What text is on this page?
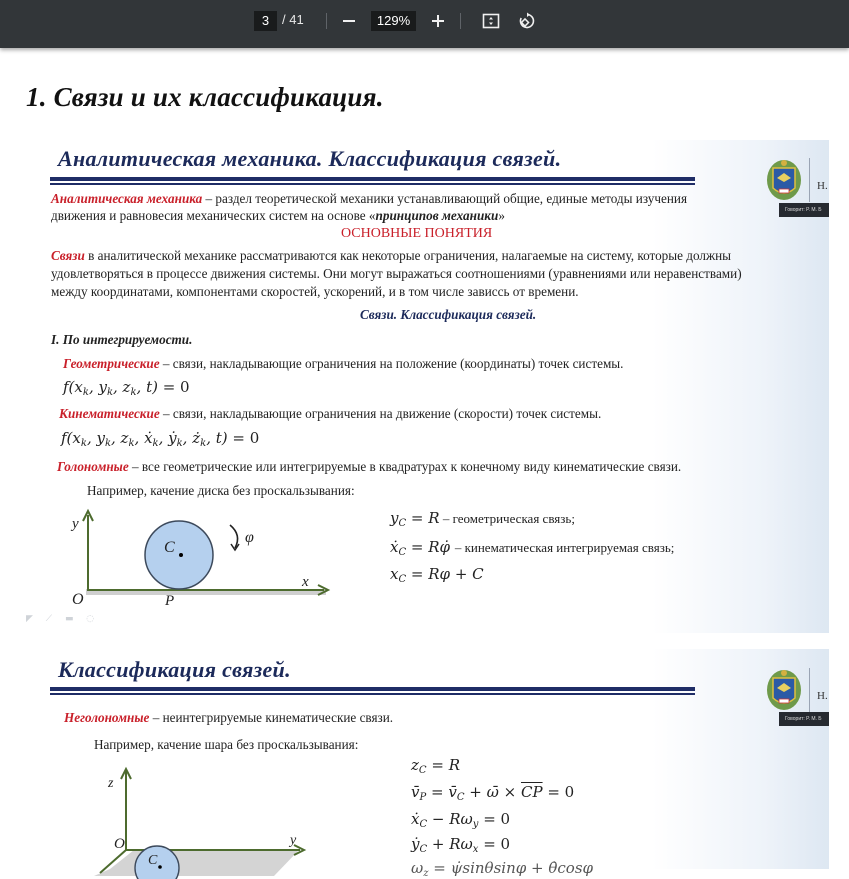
3 / 41	129%
1. Связи и их классификация.
Аналитическая механика. Классификация связей.
Н.
Говорит: Р. М. Б
Аналитическая механика – раздел теоретической механики устанавливающий общие, единые методы изучения
движения и равновесия механических систем на основе «принципов механики»
ОСНОВНЫЕ ПОНЯТИЯ
Связи в аналитической механике рассматриваются как некоторые ограничения, налагаемые на систему, которые должны
удовлетворяться в процессе движения системы. Они могут выражаться соотношениями (уравнениями или неравенствами)
между координатами, компонентами скоростей, ускорений, и в том числе зависсь от времени.
Связи. Классификация связей.
I. По интегрируемости.
Геометрические – связи, накладывающие ограничения на положение (координаты) точек системы.
$f(x_k$, $y_k$, $z_k$, t) = 0
Кинематические – связи, накладывающие ограничения на движение (скорости) точек системы.
$f(x_k$, $y_k$, $z_k$, ẋ$_k$, ẏ$_k$, $ż_k$, t) = 0
Голономные – все геометрические или интегрируемые в квадратурах к конечному виду кинематические связи.
Например, качение диска без проскальзывания:
y
x
O	P
C
φ
$y_C = R$ – геометрическая связь;
ẋ$_C$ = Rφ̇ – кинематическая интегрируемая связь;
$x_C = R\varphi + C$
◤ ⟋ ▬ ◌
Классификация связей.
Н.
Говорит: Р. М. Б
Неголономные – неинтегрируемые кинематические связи.
Например, качение шара без проскальзывания:
z
y
O
C
$z_C = R$
$v̄_P$ = $v̄_C$ + ω̄ × $\overline{CP} = 0$
ẋ$_C$ − $R\omega_y = 0$
ẏ$_C$ + $R\omega_x = 0$
$\omega_z$ = ψ̇sinθsinφ + θ̇cosφ
